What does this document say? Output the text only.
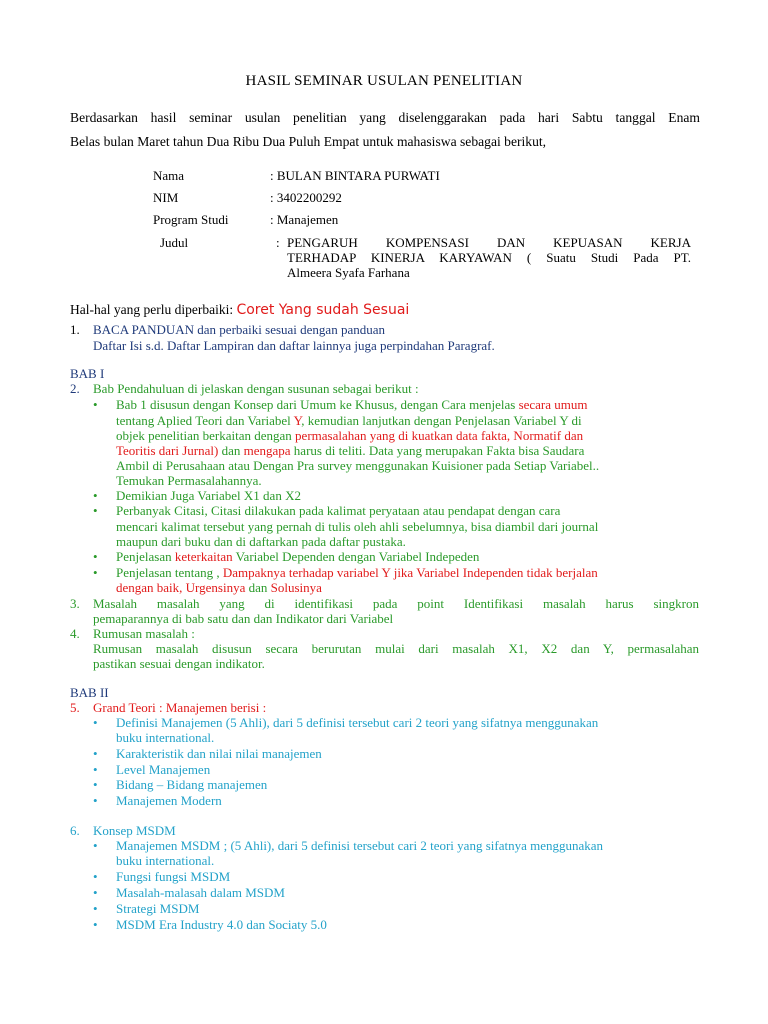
HASIL SEMINAR USULAN PENELITIAN
Berdasarkan hasil seminar usulan penelitian yang diselenggarakan pada hari Sabtu tanggal Enam
Belas bulan Maret tahun Dua Ribu Dua Puluh Empat untuk mahasiswa sebagai berikut,
Nama	: BULAN BINTARA PURWATI
NIM	: 3402200292
Program Studi	: Manajemen
Judul	: PENGARUH KOMPENSASI DAN KEPUASAN KERJA
TERHADAP KINERJA KARYAWAN ( Suatu Studi Pada PT.
Almeera Syafa Farhana
Hal-hal yang perlu diperbaiki: Coret Yang sudah Sesuai
1. BACA PANDUAN dan perbaiki sesuai dengan panduan
Daftar Isi s.d. Daftar Lampiran dan daftar lainnya juga perpindahan Paragraf.
BAB I
2. Bab Pendahuluan di jelaskan dengan susunan sebagai berikut :
• Bab 1 disusun dengan Konsep dari Umum ke Khusus, dengan Cara menjelas secara umum
tentang Aplied Teori dan Variabel Y, kemudian lanjutkan dengan Penjelasan Variabel Y di
objek penelitian berkaitan dengan permasalahan yang di kuatkan data fakta, Normatif dan
Teoritis dari Jurnal) dan mengapa harus di teliti. Data yang merupakan Fakta bisa Saudara
Ambil di Perusahaan atau Dengan Pra survey menggunakan Kuisioner pada Setiap Variabel..
Temukan Permasalahannya.
• Demikian Juga Variabel X1 dan X2
• Perbanyak Citasi, Citasi dilakukan pada kalimat peryataan atau pendapat dengan cara
mencari kalimat tersebut yang pernah di tulis oleh ahli sebelumnya, bisa diambil dari journal
maupun dari buku dan di daftarkan pada daftar pustaka.
• Penjelasan keterkaitan Variabel Dependen dengan Variabel Indepeden
• Penjelasan tentang , Dampaknya terhadap variabel Y jika Variabel Independen tidak berjalan
dengan baik, Urgensinya dan Solusinya
3. Masalah masalah yang di identifikasi pada point Identifikasi masalah harus singkron
pemaparannya di bab satu dan dan Indikator dari Variabel
4. Rumusan masalah :
Rumusan masalah disusun secara berurutan mulai dari masalah X1, X2 dan Y, permasalahan
pastikan sesuai dengan indikator.
BAB II
5. Grand Teori : Manajemen berisi :
• Definisi Manajemen (5 Ahli), dari 5 definisi tersebut cari 2 teori yang sifatnya menggunakan
buku international.
• Karakteristik dan nilai nilai manajemen
• Level Manajemen
• Bidang – Bidang manajemen
• Manajemen Modern
6. Konsep MSDM
• Manajemen MSDM ; (5 Ahli), dari 5 definisi tersebut cari 2 teori yang sifatnya menggunakan
buku international.
• Fungsi fungsi MSDM
• Masalah-malasah dalam MSDM
• Strategi MSDM
• MSDM Era Industry 4.0 dan Sociaty 5.0
